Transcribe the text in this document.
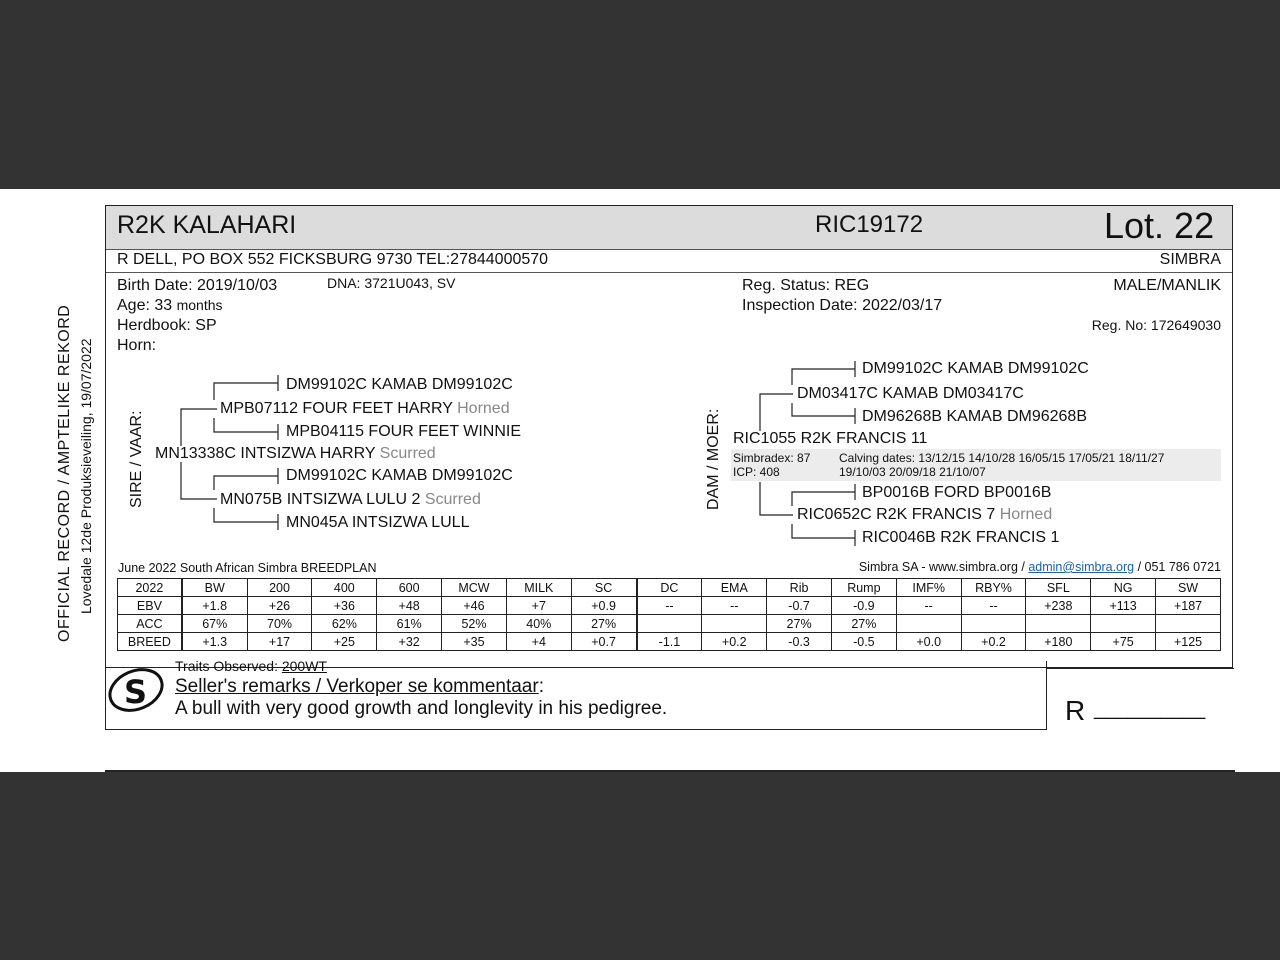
OFFICIAL RECORD / AMPTELIKE REKORD Lovedale 12de Produksieveiling, 19/07/2022
R2K KALAHARI	RIC19172	Lot. 22
R DELL, PO BOX 552 FICKSBURG 9730 TEL:27844000570	SIMBRA
Birth Date: 2019/10/03	DNA: 3721U043, SV
Age: 33 months
Herdbook: SP
Horn:
Reg. Status: REG
Inspection Date: 2022/03/17
MALE/MANLIK
Reg. No: 172649030
SIRE / VAAR: MN13338C INTSIZWA HARRY Scurred
MPB07112 FOUR FEET HARRY Horned
DM99102C KAMAB DM99102C
MPB04115 FOUR FEET WINNIE
MN075B INTSIZWA LULU 2 Scurred
DM99102C KAMAB DM99102C
MN045A INTSIZWA LULL
DAM / MOER: RIC1055 R2K FRANCIS 11
DM03417C KAMAB DM03417C
DM99102C KAMAB DM99102C
DM96268B KAMAB DM96268B
Simbradex: 87
ICP: 408
Calving dates: 13/12/15 14/10/28 16/05/15 17/05/21 18/11/27
19/10/03 20/09/18 21/10/07
RIC0652C R2K FRANCIS 7 Horned
BP0016B FORD BP0016B
RIC0046B R2K FRANCIS 1
June 2022 South African Simbra BREEDPLAN	Simbra SA - www.simbra.org / admin@simbra.org / 051 786 0721
2022	BW	200	400	600	MCW	MILK	SC	DC	EMA	Rib	Rump	IMF%	RBY%	SFL	NG	SW
EBV	+1.8	+26	+36	+48	+46	+7	+0.9	--	--	-0.7	-0.9	--	--	+238	+113	+187
ACC	67%	70%	62%	61%	52%	40%	27%			27%	27%					
BREED	+1.3	+17	+25	+32	+35	+4	+0.7	-1.1	+0.2	-0.3	-0.5	+0.0	+0.2	+180	+75	+125
S
Traits Observed: 200WT
Seller's remarks / Verkoper se kommentaar:
A bull with very good growth and longlevity in his pedigree.	R __________
